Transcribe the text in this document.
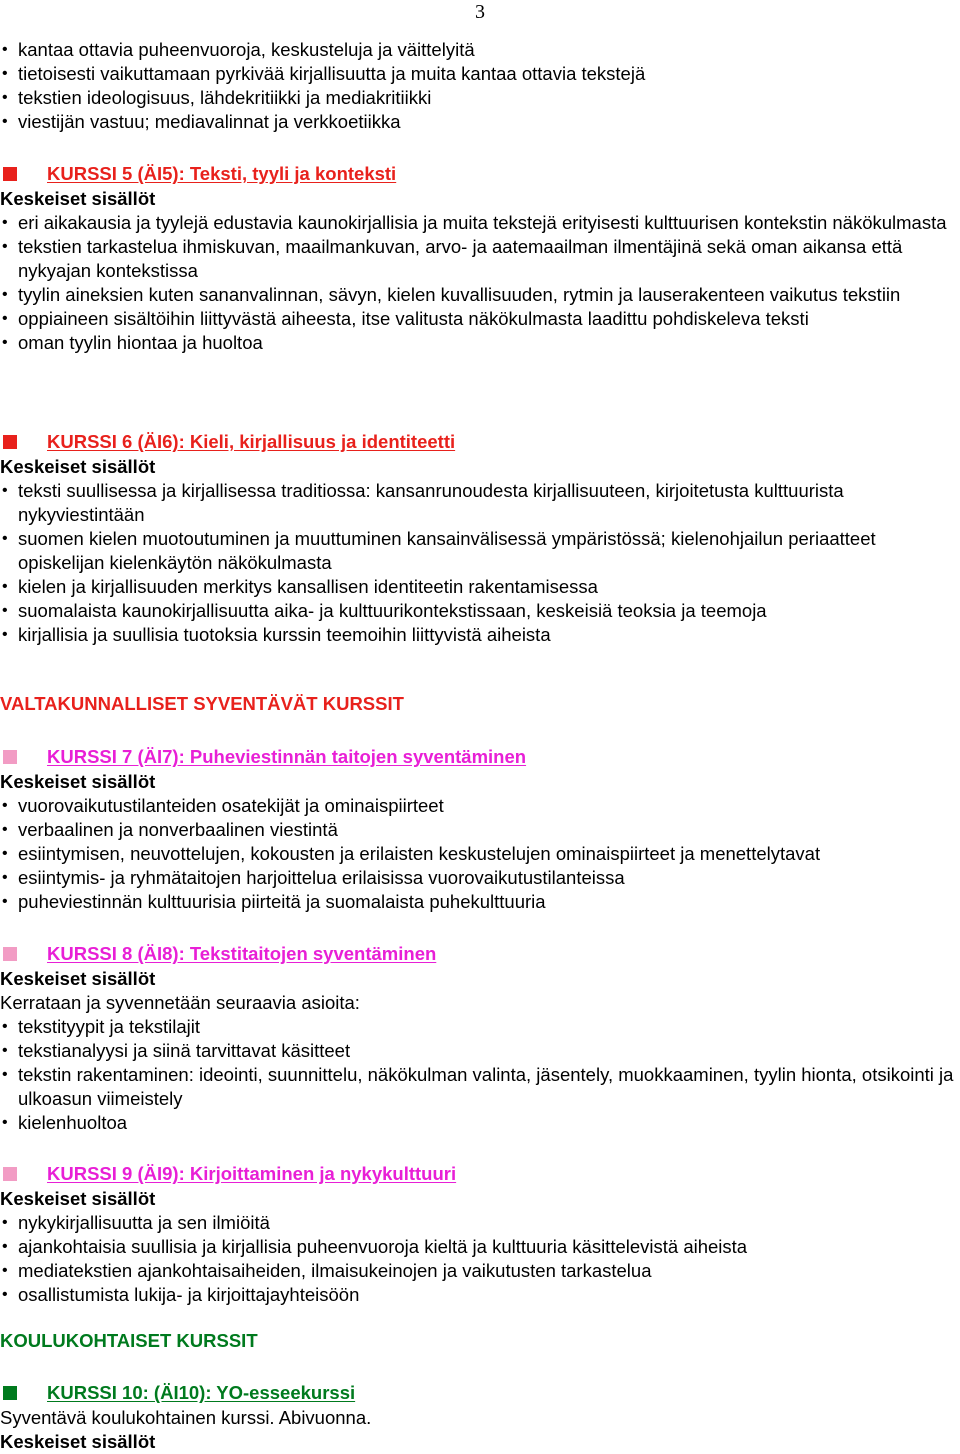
3
• kantaa ottavia puheenvuoroja, keskusteluja ja väittelyitä
• tietoisesti vaikuttamaan pyrkivää kirjallisuutta ja muita kantaa ottavia tekstejä
• tekstien ideologisuus, lähdekritiikki ja mediakritiikki
• viestijän vastuu; mediavalinnat ja verkkoetiikka
KURSSI 5 (ÄI5): Teksti, tyyli ja konteksti
Keskeiset sisällöt
• eri aikakausia ja tyylejä edustavia kaunokirjallisia ja muita tekstejä erityisesti kulttuurisen kontekstin näkökulmasta
• tekstien tarkastelua ihmiskuvan, maailmankuvan, arvo- ja aatemaailman ilmentäjinä sekä oman aikansa että nykyajan kontekstissa
• tyylin aineksien kuten sananvalinnan, sävyn, kielen kuvallisuuden, rytmin ja lauserakenteen vaikutus tekstiin
• oppiaineen sisältöihin liittyvästä aiheesta, itse valitusta näkökulmasta laadittu pohdiskeleva teksti
• oman tyylin hiontaa ja huoltoa
KURSSI 6 (ÄI6): Kieli, kirjallisuus ja identiteetti
Keskeiset sisällöt
• teksti suullisessa ja kirjallisessa traditiossa: kansanrunoudesta kirjallisuuteen, kirjoitetusta kulttuurista nykyviestintään
• suomen kielen muotoutuminen ja muuttuminen kansainvälisessä ympäristössä; kielenohjailun periaatteet opiskelijan kielenkäytön näkökulmasta
• kielen ja kirjallisuuden merkitys kansallisen identiteetin rakentamisessa
• suomalaista kaunokirjallisuutta aika- ja kulttuurikontekstissaan, keskeisiä teoksia ja teemoja
• kirjallisia ja suullisia tuotoksia kurssin teemoihin liittyvistä aiheista
VALTAKUNNALLISET SYVENTÄVÄT KURSSIT
KURSSI 7 (ÄI7): Puheviestinnän taitojen syventäminen
Keskeiset sisällöt
• vuorovaikutustilanteiden osatekijät ja ominaispiirteet
• verbaalinen ja nonverbaalinen viestintä
• esiintymisen, neuvottelujen, kokousten ja erilaisten keskustelujen ominaispiirteet ja menettelytavat
• esiintymis- ja ryhmätaitojen harjoittelua erilaisissa vuorovaikutustilanteissa
• puheviestinnän kulttuurisia piirteitä ja suomalaista puhekulttuuria
KURSSI 8 (ÄI8): Tekstitaitojen syventäminen
Keskeiset sisällöt
Kerrataan ja syvennetään seuraavia asioita:
• tekstityypit ja tekstilajit
• tekstianalyysi ja siinä tarvittavat käsitteet
• tekstin rakentaminen: ideointi, suunnittelu, näkökulman valinta, jäsentely, muokkaaminen, tyylin hionta, otsikointi ja ulkoasun viimeistely
• kielenhuoltoa
KURSSI 9 (ÄI9): Kirjoittaminen ja nykykulttuuri
Keskeiset sisällöt
• nykykirjallisuutta ja sen ilmiöitä
• ajankohtaisia suullisia ja kirjallisia puheenvuoroja kieltä ja kulttuuria käsittelevistä aiheista
• mediatekstien ajankohtaisaiheiden, ilmaisukeinojen ja vaikutusten tarkastelua
• osallistumista lukija- ja kirjoittajayhteisöön
KOULUKOHTAISET KURSSIT
KURSSI 10: (ÄI10): YO-esseekurssi
Syventävä koulukohtainen kurssi. Abivuonna.
Keskeiset sisällöt
